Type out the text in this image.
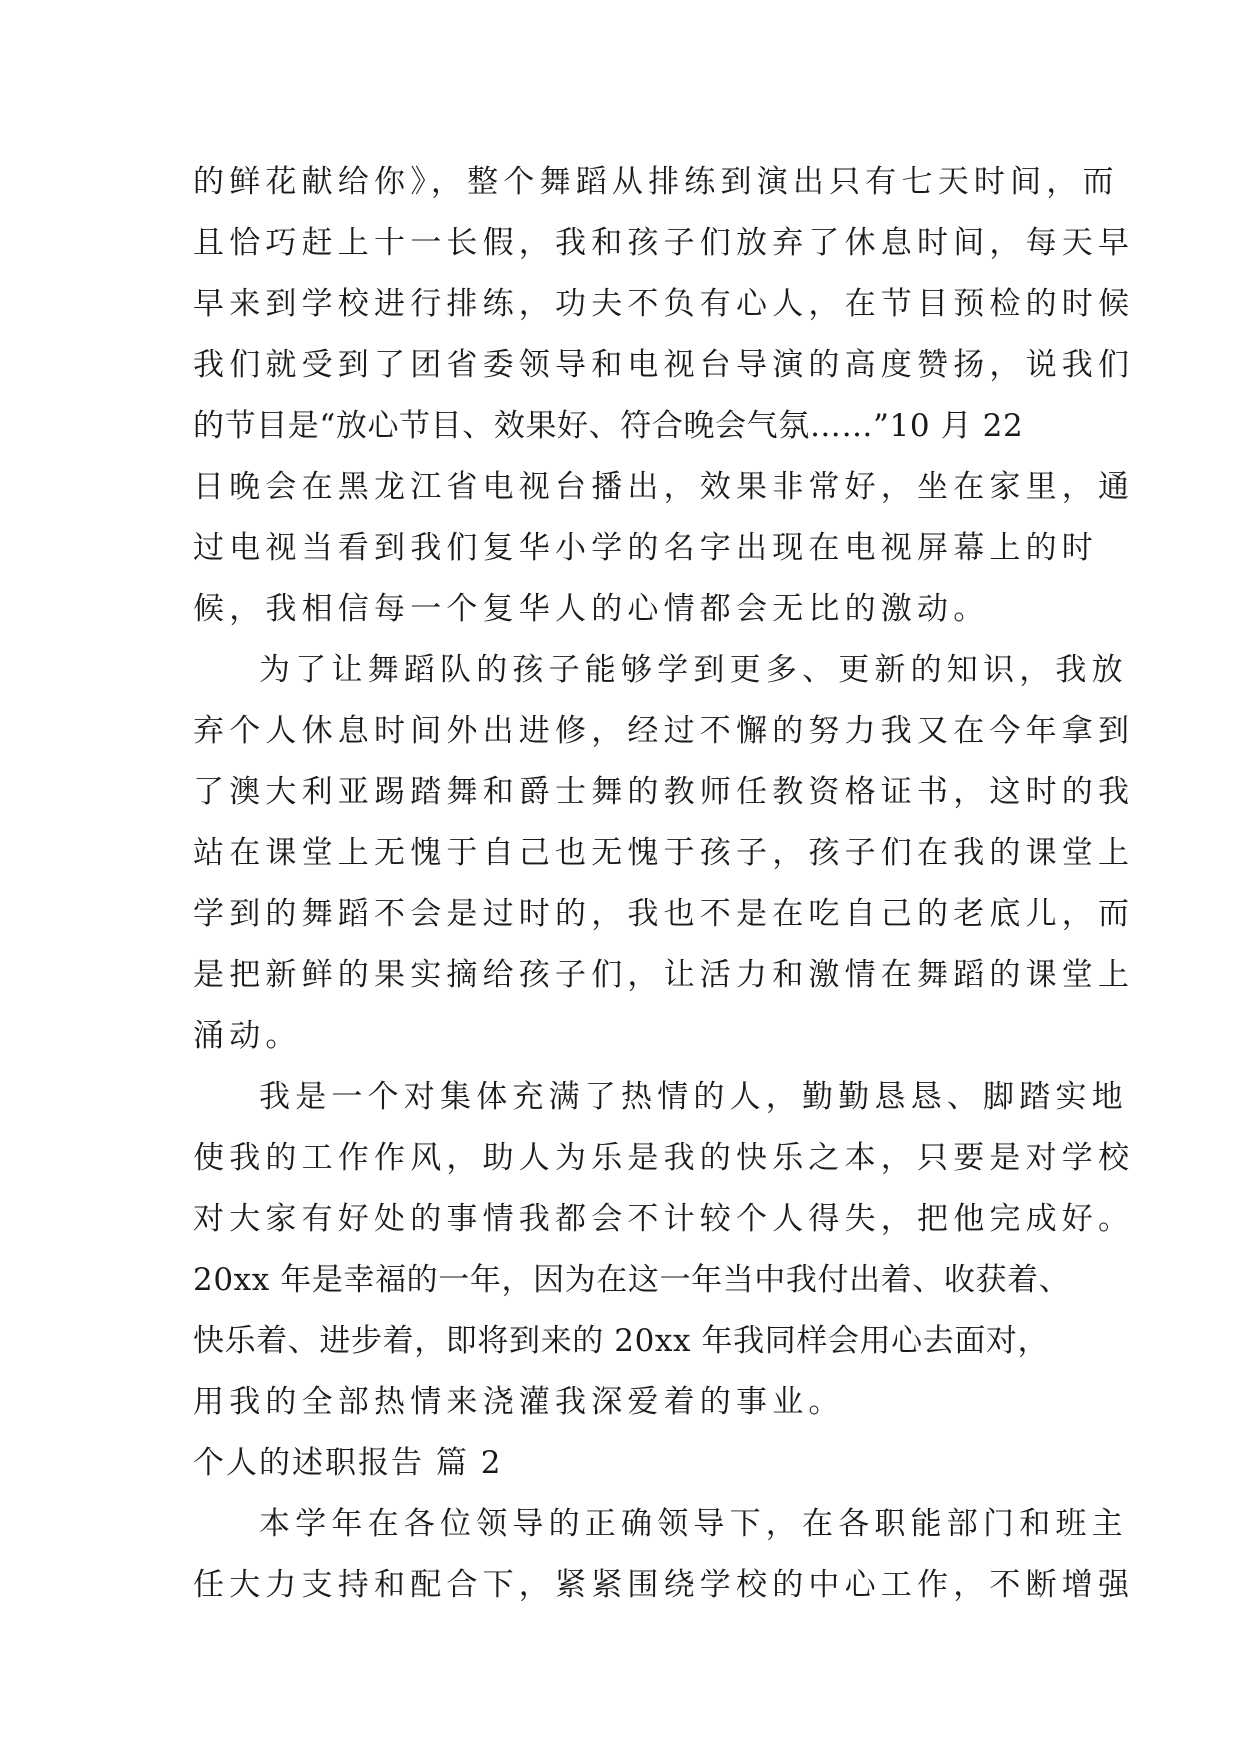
的鲜花献给你》，整个舞蹈从排练到演出只有七天时间，而
且恰巧赶上十一长假，我和孩子们放弃了休息时间，每天早
早来到学校进行排练，功夫不负有心人，在节目预检的时候
我们就受到了团省委领导和电视台导演的高度赞扬，说我们
的节目是“放心节目、效果好、符合晚会气氛……”10 月 22
日晚会在黑龙江省电视台播出，效果非常好，坐在家里，通
过电视当看到我们复华小学的名字出现在电视屏幕上的时
候，我相信每一个复华人的心情都会无比的激动。
为了让舞蹈队的孩子能够学到更多、更新的知识，我放
弃个人休息时间外出进修，经过不懈的努力我又在今年拿到
了澳大利亚踢踏舞和爵士舞的教师任教资格证书，这时的我
站在课堂上无愧于自己也无愧于孩子，孩子们在我的课堂上
学到的舞蹈不会是过时的，我也不是在吃自己的老底儿，而
是把新鲜的果实摘给孩子们，让活力和激情在舞蹈的课堂上
涌动。
我是一个对集体充满了热情的人，勤勤恳恳、脚踏实地
使我的工作作风，助人为乐是我的快乐之本，只要是对学校
对大家有好处的事情我都会不计较个人得失，把他完成好。
20xx 年是幸福的一年，因为在这一年当中我付出着、收获着、
快乐着、进步着，即将到来的 20xx 年我同样会用心去面对，
用我的全部热情来浇灌我深爱着的事业。
个人的述职报告 篇 2
本学年在各位领导的正确领导下，在各职能部门和班主
任大力支持和配合下，紧紧围绕学校的中心工作，不断增强
